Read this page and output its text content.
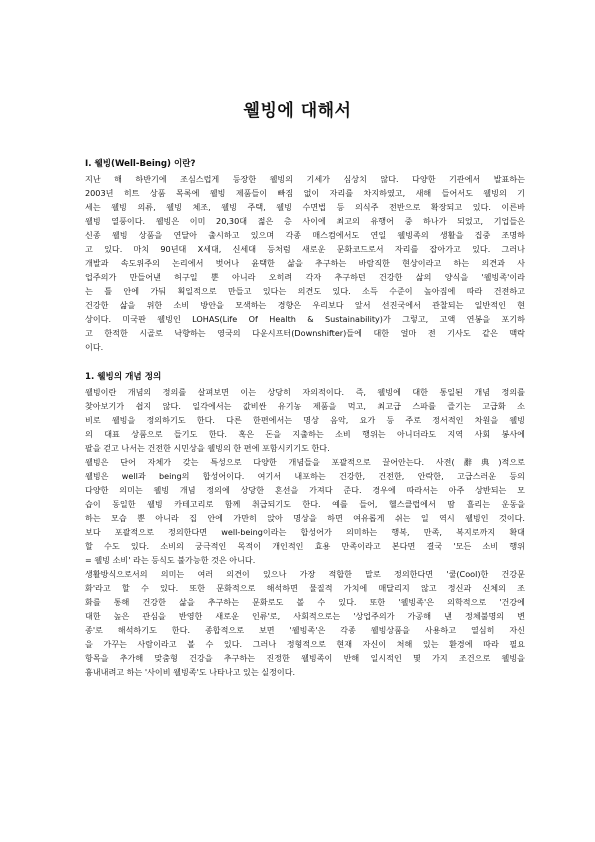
웰빙에 대해서
Ⅰ. 웰빙(Well-Being) 이란?
지난 해 하반기에 조심스럽게 등장한 웰빙의 기세가 심상치 않다. 다양한 기관에서 발표하는
2003년 히트 상품 목록에 웰빙 제품들이 빠짐 없이 자리를 차지하였고, 새해 들어서도 웰빙의 기
세는 웰빙 의류, 웰빙 체조, 웰빙 주택, 웰빙 수면법 등 의식주 전반으로 확장되고 있다. 이른바
웰빙 열풍이다. 웰빙은 이미 20,30대 젊은 층 사이에 최고의 유행어 중 하나가 되었고, 기업들은
신종 웰빙 상품을 연달아 출시하고 있으며 각종 매스컴에서도 연일 웰빙족의 생활을 집중 조명하
고 있다. 마치 90년대 X세대, 신세대 등처럼 새로운 문화코드로서 자리를 잡아가고 있다. 그러나
개발과 속도위주의 논리에서 벗어나 윤택한 삶을 추구하는 바람직한 현상이라고 하는 의견과 사
업주의가 만들어낸 허구일 뿐 아니라 오히려 각자 추구하던 건강한 삶의 양식을 '웰빙족'이라
는 틀 안에 가둬 획일적으로 만들고 있다는 의견도 있다. 소득 수준이 높아짐에 따라 건전하고
건강한 삶을 위한 소비 방안을 모색하는 경향은 우리보다 앞서 선진국에서 관찰되는 일반적인 현
상이다. 미국판 웰빙인 LOHAS(Life Of Health & Sustainability)가 그렇고, 고액 연봉을 포기하
고 한적한 시골로 낙향하는 영국의 다운시프터(Downshifter)들에 대한 얼마 전 기사도 같은 맥락
이다.
1. 웰빙의 개념 정의
웰빙이란 개념의 정의를 살펴보면 이는 상당히 자의적이다. 즉, 웰빙에 대한 통일된 개념 정의를
찾아보기가 쉽지 않다. 일각에서는 값비싼 유기농 제품을 먹고, 최고급 스파를 즐기는 고급화 소
비로 웰빙을 정의하기도 한다. 다른 한편에서는 명상 음악, 요가 등 주로 정서적인 차원을 웰빙
의 대표 상품으로 들기도 한다. 혹은 돈을 지출하는 소비 행위는 아니더라도 지역 사회 봉사에
팔을 걷고 나서는 건전한 시민상을 웰빙의 한 편에 포함시키기도 한다.
웰빙은 단어 자체가 갖는 특성으로 다양한 개념들을 포괄적으로 끌어안는다. 사전(辭典)적으로
웰빙은 well과 being의 합성어이다. 여기서 내포하는 건강한, 건전한, 안락한, 고급스러운 등의
다양한 의미는 웰빙 개념 정의에 상당한 혼선을 가져다 준다. 경우에 따라서는 아주 상반되는 모
습이 동일한 웰빙 카테고리로 함께 취급되기도 한다. 예를 들어, 헬스클럽에서 땀 흘리는 운동을
하는 모습 뿐 아니라 집 안에 가만히 앉아 명상을 하면 여유롭게 쉬는 일 역시 웰빙인 것이다.
보다 포괄적으로 정의한다면 well-being이라는 합성어가 의미하는 행복, 만족, 복지로까지 확대
할 수도 있다. 소비의 궁극적인 목적이 개인적인 효용 만족이라고 본다면 결국 '모든 소비 행위
= 웰빙 소비' 라는 등식도 불가능한 것은 아니다.
생활방식으로서의 의미는 여러 의견이 있으나 가장 적합한 말로 정의한다면 '쿨(Cool)한 건강문
화'라고 할 수 있다. 또한 문화적으로 해석하면 물질적 가치에 매달리지 않고 정신과 신체의 조
화를 통해 건강한 삶을 추구하는 문화로도 볼 수 있다. 또한 '웰빙족'은 의학적으로 '건강에
대한 높은 관심을 반영한 새로운 인류'로, 사회적으로는 '상업주의가 가공해 낸 정체불명의 변
종'로 해석하기도 한다. 종합적으로 보면 '웰빙족'은 각종 웰빙상품을 사용하고 열심히 자신
을 가꾸는 사람이라고 볼 수 있다. 그러나 정형적으로 현재 자신이 처해 있는 환경에 따라 필요
항목을 추가해 맞춤형 건강을 추구하는 진정한 웰빙족이 반해 일시적인 몇 가지 조건으로 웰빙을
흉내내려고 하는 '사이비 웰빙족'도 나타나고 있는 실정이다.
